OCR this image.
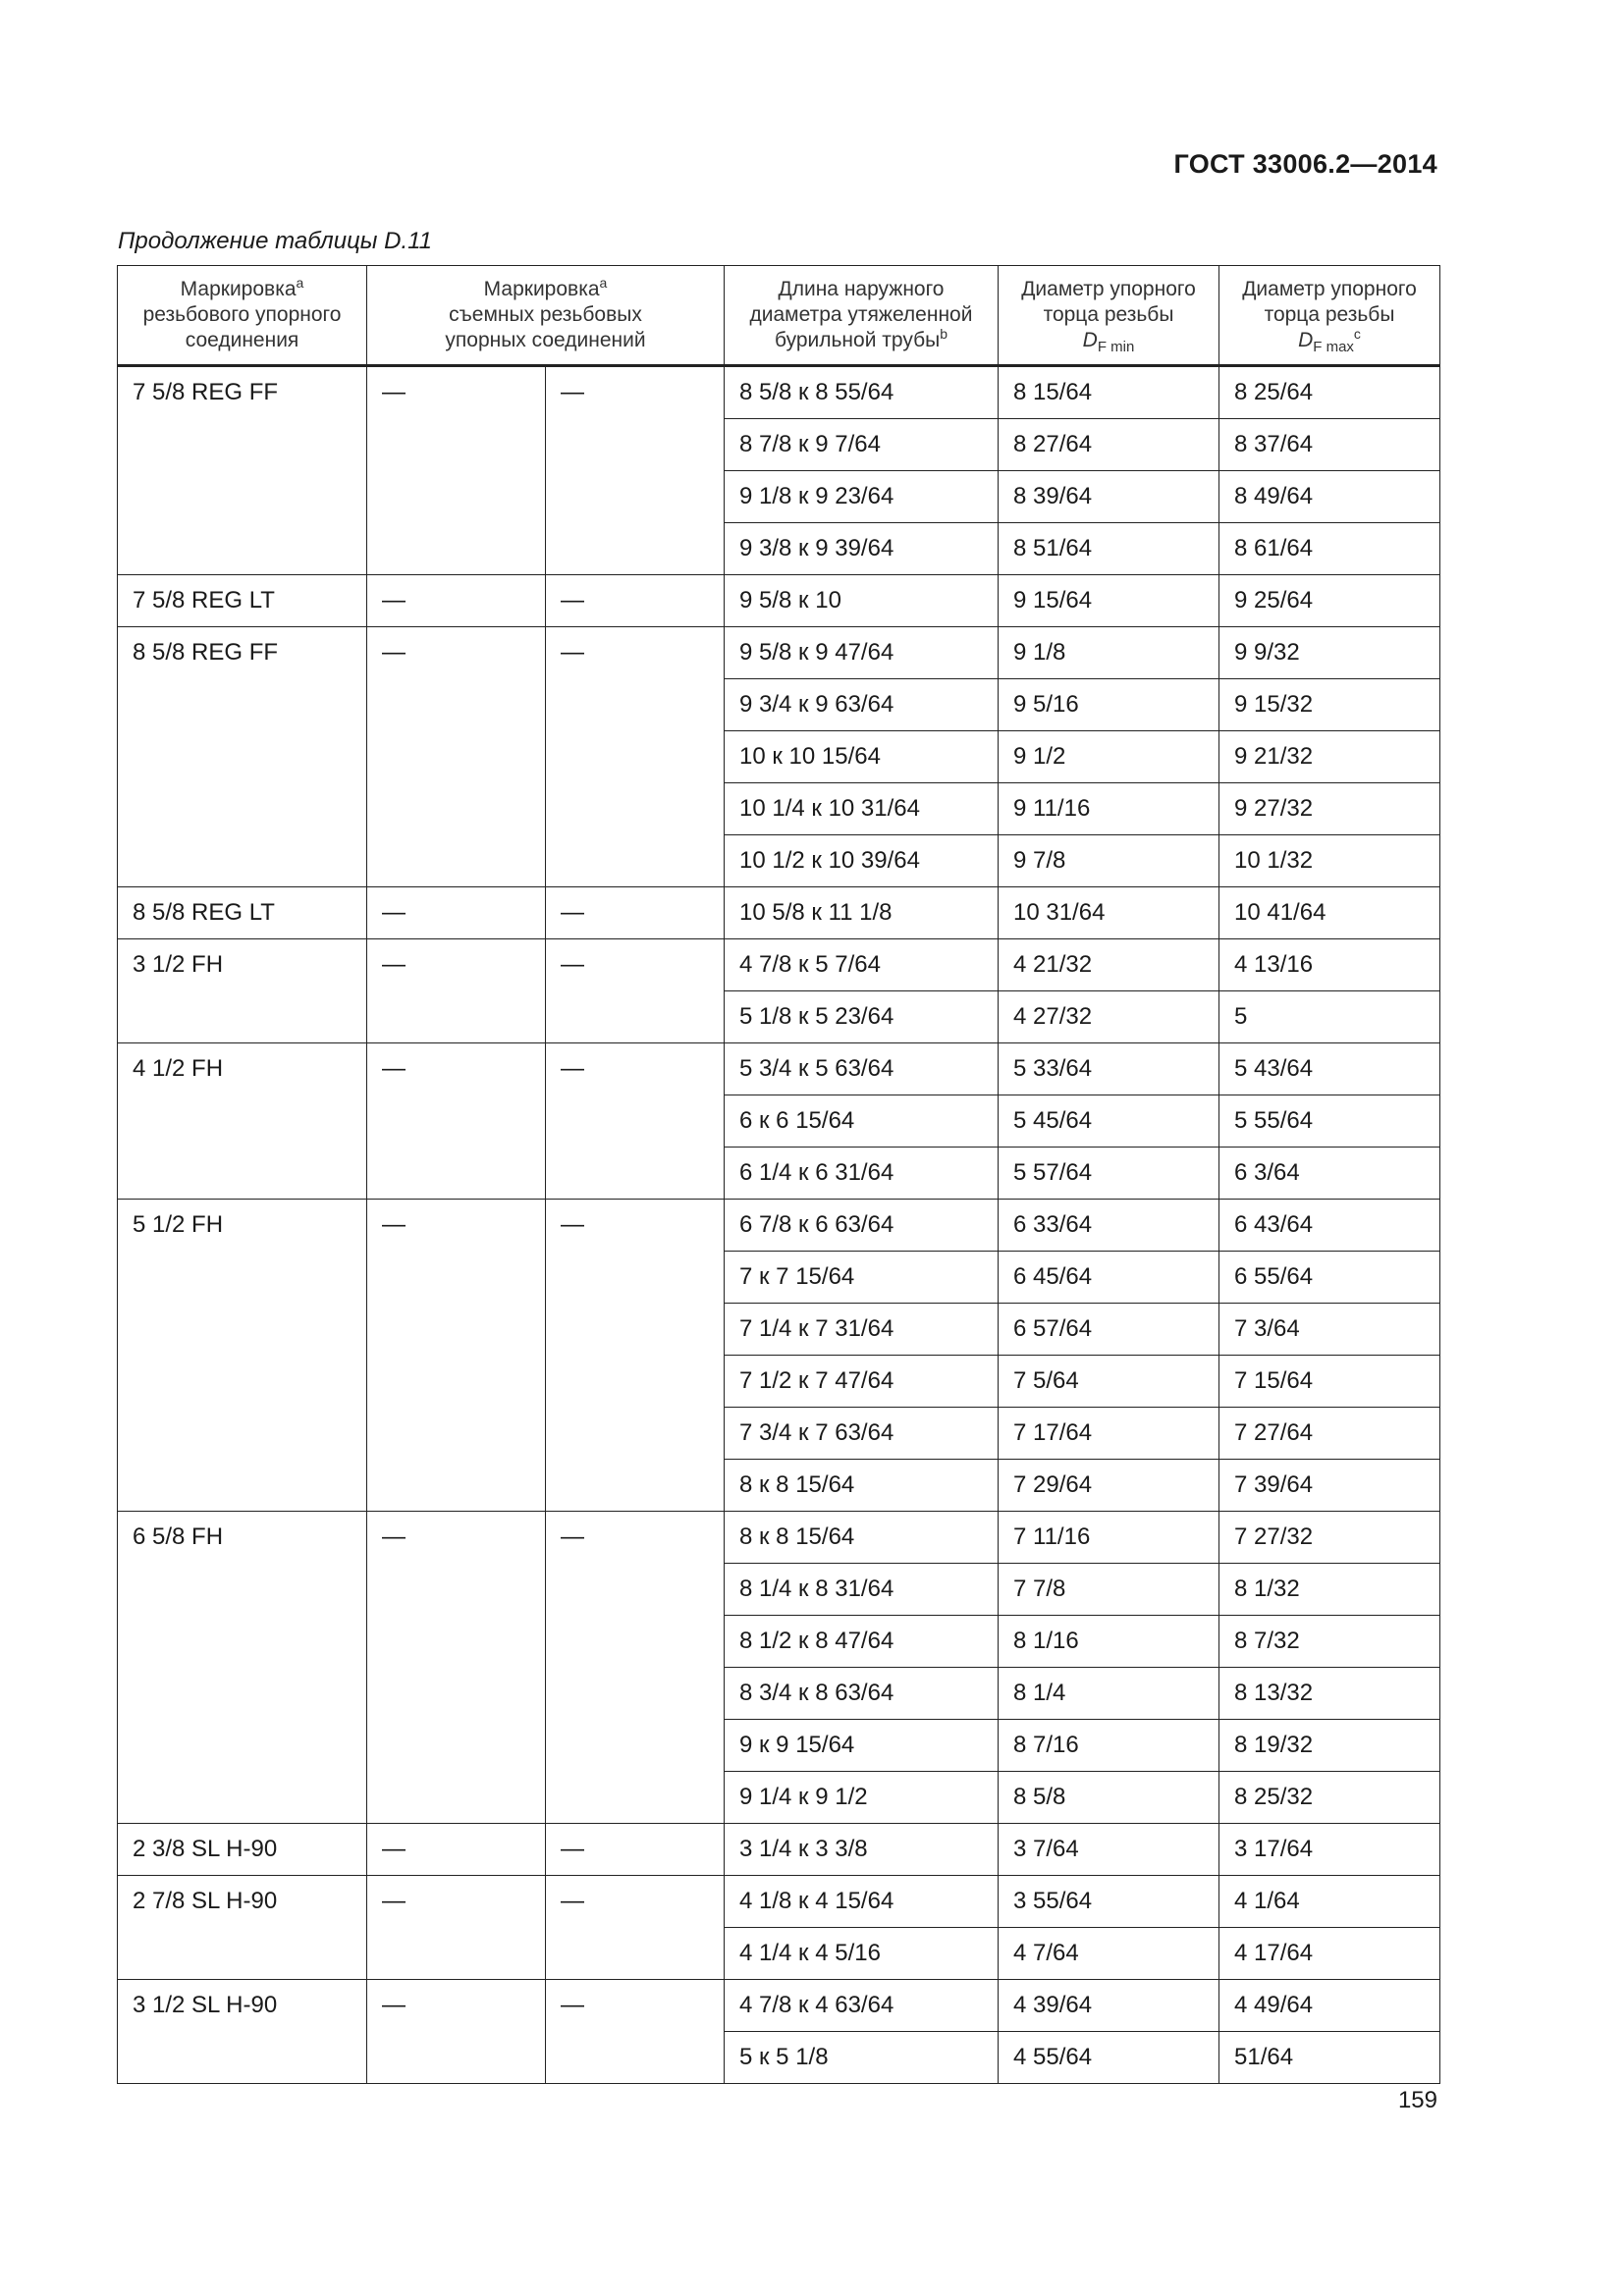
ГОСТ 33006.2—2014
Продолжение таблицы D.11
Маркировка$^a$
резьбового упорного
соединения	Маркировка$^a$
съемных резьбовых
упорных соединений		Длина наружного
диаметра утяжеленной
бурильной трубы$^b$	Диаметр упорного
торца резьбы
$D_{F min}$	Диаметр упорного
торца резьбы
$D_{F max}^c$

7 5/8 REG FF	—	—	8 5/8 к 8 55/64	8 15/64	8 25/64
			8 7/8 к 9 7/64	8 27/64	8 37/64
			9 1/8 к 9 23/64	8 39/64	8 49/64
			9 3/8 к 9 39/64	8 51/64	8 61/64
7 5/8 REG LT	—	—	9 5/8 к 10	9 15/64	9 25/64
8 5/8 REG FF	—	—	9 5/8 к 9 47/64	9 1/8	9 9/32
			9 3/4 к 9 63/64	9 5/16	9 15/32
			10 к 10 15/64	9 1/2	9 21/32
			10 1/4 к 10 31/64	9 11/16	9 27/32
			10 1/2 к 10 39/64	9 7/8	10 1/32
8 5/8 REG LT	—	—	10 5/8 к 11 1/8	10 31/64	10 41/64
3 1/2 FH	—	—	4 7/8 к 5 7/64	4 21/32	4 13/16
			5 1/8 к 5 23/64	4 27/32	5
4 1/2 FH	—	—	5 3/4 к 5 63/64	5 33/64	5 43/64
			6 к 6 15/64	5 45/64	5 55/64
			6 1/4 к 6 31/64	5 57/64	6 3/64
5 1/2 FH	—	—	6 7/8 к 6 63/64	6 33/64	6 43/64
			7 к 7 15/64	6 45/64	6 55/64
			7 1/4 к 7 31/64	6 57/64	7 3/64
			7 1/2 к 7 47/64	7 5/64	7 15/64
			7 3/4 к 7 63/64	7 17/64	7 27/64
			8 к 8 15/64	7 29/64	7 39/64
6 5/8 FH	—	—	8 к 8 15/64	7 11/16	7 27/32
			8 1/4 к 8 31/64	7 7/8	8 1/32
			8 1/2 к 8 47/64	8 1/16	8 7/32
			8 3/4 к 8 63/64	8 1/4	8 13/32
			9 к 9 15/64	8 7/16	8 19/32
			9 1/4 к 9 1/2	8 5/8	8 25/32
2 3/8 SL H-90	—	—	3 1/4 к 3 3/8	3 7/64	3 17/64
2 7/8 SL H-90	—	—	4 1/8 к 4 15/64	3 55/64	4 1/64
			4 1/4 к 4 5/16	4 7/64	4 17/64
3 1/2 SL H-90	—	—	4 7/8 к 4 63/64	4 39/64	4 49/64
			5 к 5 1/8	4 55/64	51/64
159
